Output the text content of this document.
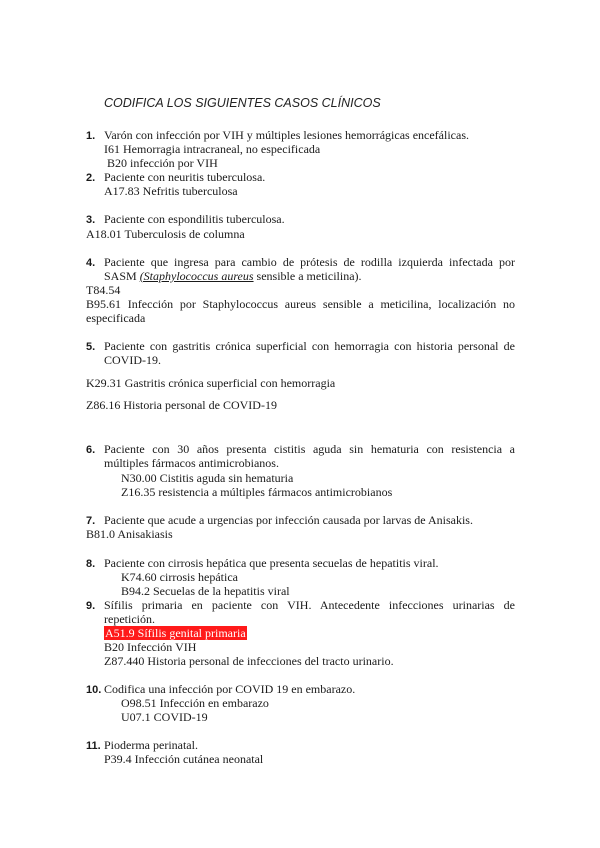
CODIFICA LOS SIGUIENTES CASOS CLÍNICOS
1. Varón con infección por VIH y múltiples lesiones hemorrágicas encefálicas.
I61 Hemorragia intracraneal, no especificada
B20 infección por VIH
2. Paciente con neuritis tuberculosa.
A17.83 Nefritis tuberculosa
3. Paciente con espondilitis tuberculosa.
A18.01 Tuberculosis de columna
4. Paciente que ingresa para cambio de prótesis de rodilla izquierda infectada por
SASM (Staphylococcus aureus sensible a meticilina).
T84.54
B95.61 Infección por Staphylococcus aureus sensible a meticilina, localización no
especificada
5. Paciente con gastritis crónica superficial con hemorragia con historia personal de
COVID-19.
K29.31 Gastritis crónica superficial con hemorragia
Z86.16 Historia personal de COVID-19
6. Paciente con 30 años presenta cistitis aguda sin hematuria con resistencia a
múltiples fármacos antimicrobianos.
N30.00 Cistitis aguda sin hematuria
Z16.35 resistencia a múltiples fármacos antimicrobianos
7. Paciente que acude a urgencias por infección causada por larvas de Anisakis.
B81.0 Anisakiasis
8. Paciente con cirrosis hepática que presenta secuelas de hepatitis viral.
K74.60 cirrosis hepática
B94.2 Secuelas de la hepatitis viral
9. Sífilis primaria en paciente con VIH. Antecedente infecciones urinarias de
repetición.
A51.9 Sífilis genital primaria
B20 Infección VIH
Z87.440 Historia personal de infecciones del tracto urinario.
10. Codifica una infección por COVID 19 en embarazo.
O98.51 Infección en embarazo
U07.1 COVID-19
11. Pioderma perinatal.
P39.4 Infección cutánea neonatal
